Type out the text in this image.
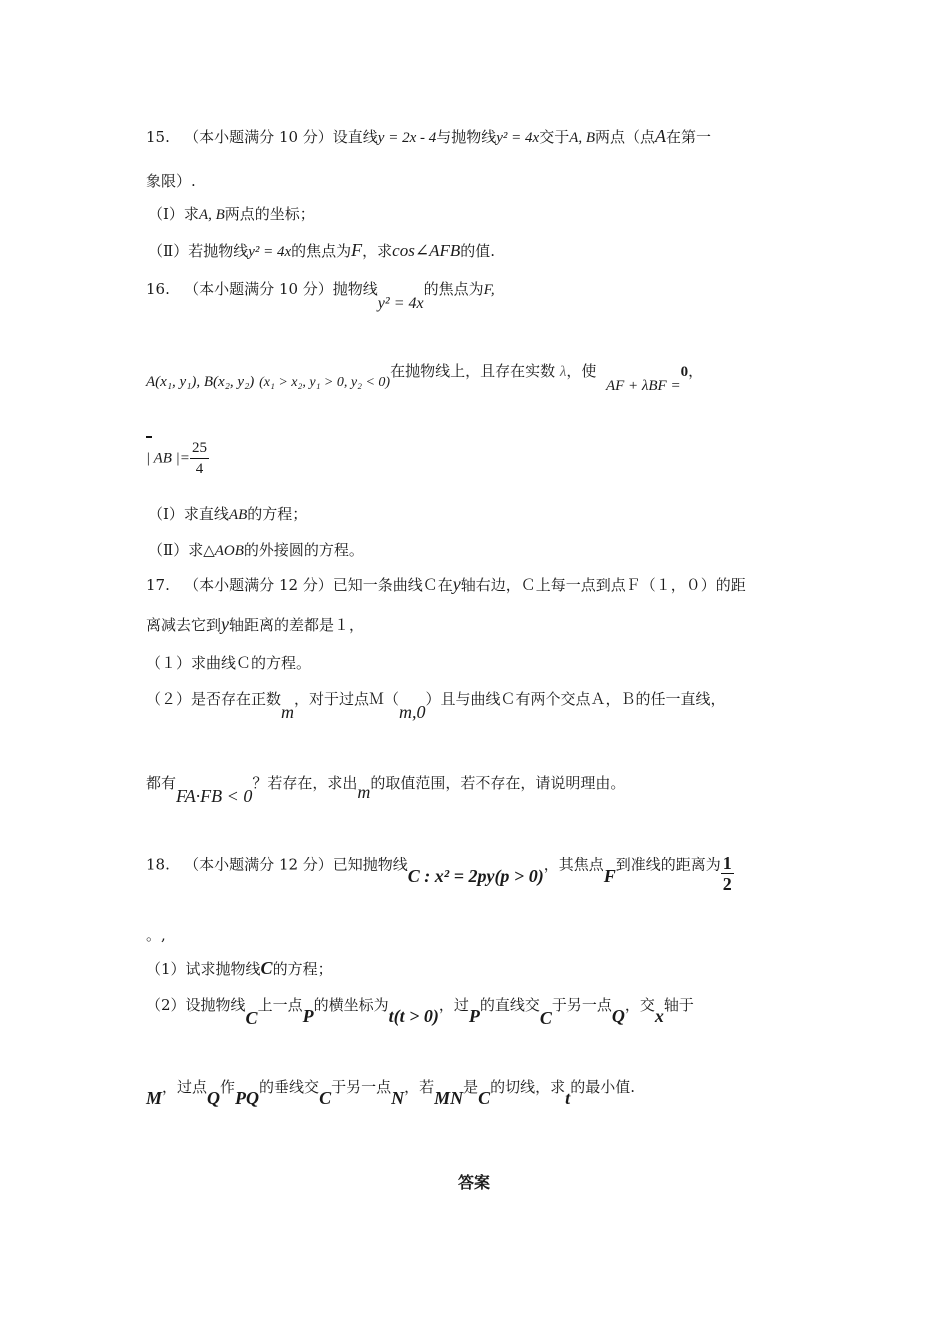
15. （本小题满分 10 分）设直线y = 2x - 4与抛物线y² = 4x交于A, B两点（点A在第一
象限）.
（Ⅰ）求A, B两点的坐标；
（Ⅱ）若抛物线y² = 4x的焦点为F，求cos∠AFB的值.
16. （本小题满分 10 分）抛物线y² = 4x的焦点为F,
A(x₁, y₁), B(x₂, y₂) (x₁ > x₂, y₁ > 0, y₂ < 0)在抛物线上，且存在实数 λ，使  AF + λBF =0，
| AB |= $\frac{25}{4}$
（Ⅰ）求直线AB的方程；
（Ⅱ）求△AOB的外接圆的方程。
17. （本小题满分 12 分）已知一条曲线Ｃ在y轴右边，Ｃ上每一点到点Ｆ（１，０）的距
离减去它到y轴距离的差都是１，
（１）求曲线Ｃ的方程。
（２）是否存在正数m，对于过点Ｍ（m,0）且与曲线Ｃ有两个交点Ａ，Ｂ的任一直线，
都有FA·FB < 0？若存在，求出m的取值范围，若不存在，请说明理由。
18. （本小题满分 12 分）已知抛物线C : x² = 2py(p > 0)，其焦点F到准线的距离为 $\frac{1}{2}$
。,
（1）试求抛物线C的方程；
（2）设抛物线C上一点P的横坐标为t(t > 0)，过P的直线交C于另一点Q，交x轴于
M，过点Q作PQ的垂线交C于另一点N，若MN是C的切线，求t的最小值.
答案
